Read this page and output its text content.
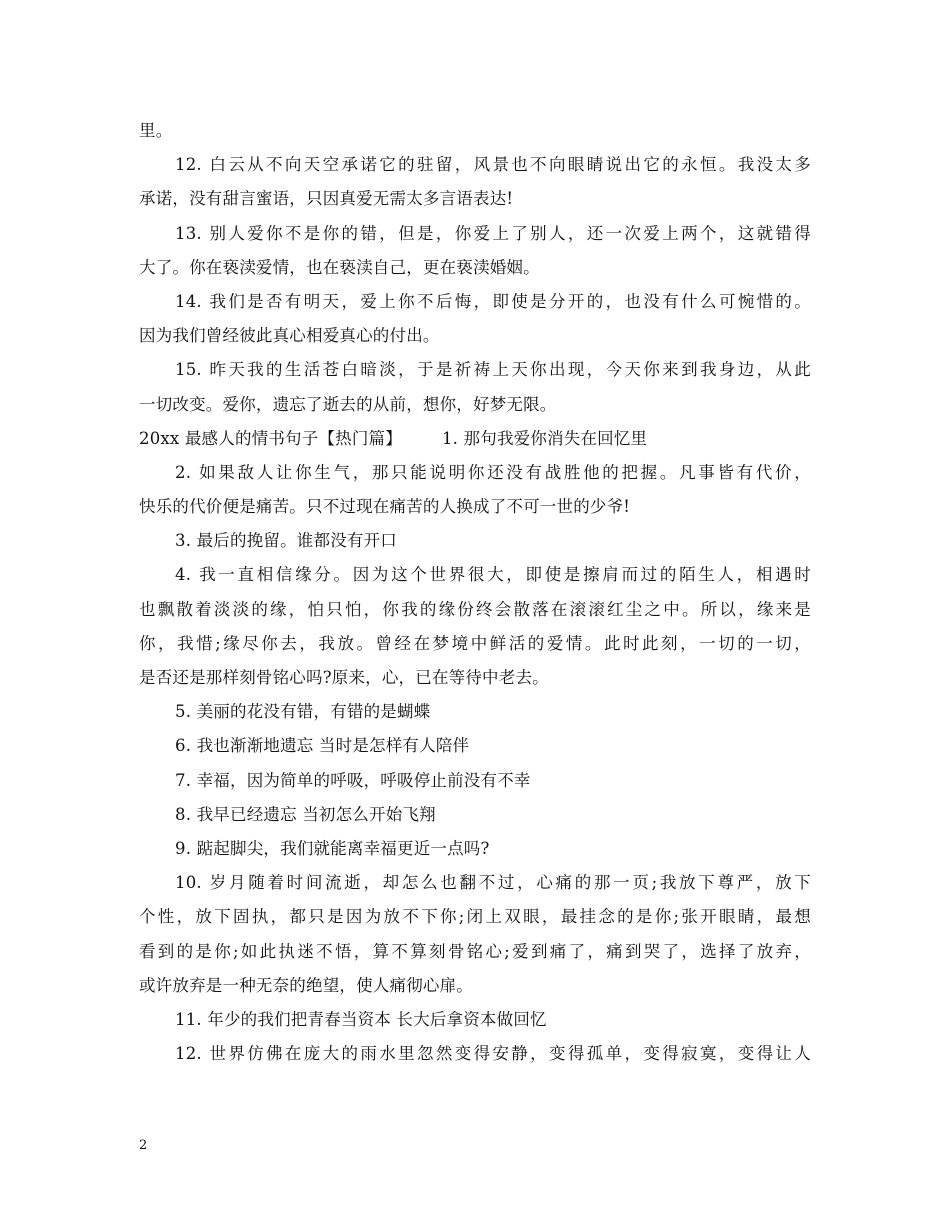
里。
12. 白云从不向天空承诺它的驻留，风景也不向眼睛说出它的永恒。我没太多
承诺，没有甜言蜜语，只因真爱无需太多言语表达!
13. 别人爱你不是你的错，但是，你爱上了别人，还一次爱上两个，这就错得
大了。你在亵渎爱情，也在亵渎自己，更在亵渎婚姻。
14. 我们是否有明天，爱上你不后悔，即使是分开的，也没有什么可惋惜的。
因为我们曾经彼此真心相爱真心的付出。
15. 昨天我的生活苍白暗淡，于是祈祷上天你出现，今天你来到我身边，从此
一切改变。爱你，遗忘了逝去的从前，想你，好梦无限。
20xx 最感人的情书句子【热门篇】 1. 那句我爱你消失在回忆里
2. 如果敌人让你生气，那只能说明你还没有战胜他的把握。凡事皆有代价，
快乐的代价便是痛苦。只不过现在痛苦的人换成了不可一世的少爷!
3. 最后的挽留。谁都没有开口
4. 我一直相信缘分。因为这个世界很大，即使是擦肩而过的陌生人，相遇时
也飘散着淡淡的缘，怕只怕，你我的缘份终会散落在滚滚红尘之中。所以，缘来是
你，我惜;缘尽你去，我放。曾经在梦境中鲜活的爱情。此时此刻，一切的一切，
是否还是那样刻骨铭心吗?原来，心，已在等待中老去。
5. 美丽的花没有错，有错的是蝴蝶
6. 我也渐渐地遗忘 当时是怎样有人陪伴
7. 幸福，因为简单的呼吸，呼吸停止前没有不幸
8. 我早已经遗忘 当初怎么开始飞翔
9. 踮起脚尖，我们就能离幸福更近一点吗?
10. 岁月随着时间流逝，却怎么也翻不过，心痛的那一页;我放下尊严，放下
个性，放下固执，都只是因为放不下你;闭上双眼，最挂念的是你;张开眼睛，最想
看到的是你;如此执迷不悟，算不算刻骨铭心;爱到痛了，痛到哭了，选择了放弃，
或许放弃是一种无奈的绝望，使人痛彻心扉。
11. 年少的我们把青春当资本 长大后拿资本做回忆
12. 世界仿佛在庞大的雨水里忽然变得安静，变得孤单，变得寂寞，变得让人
2
